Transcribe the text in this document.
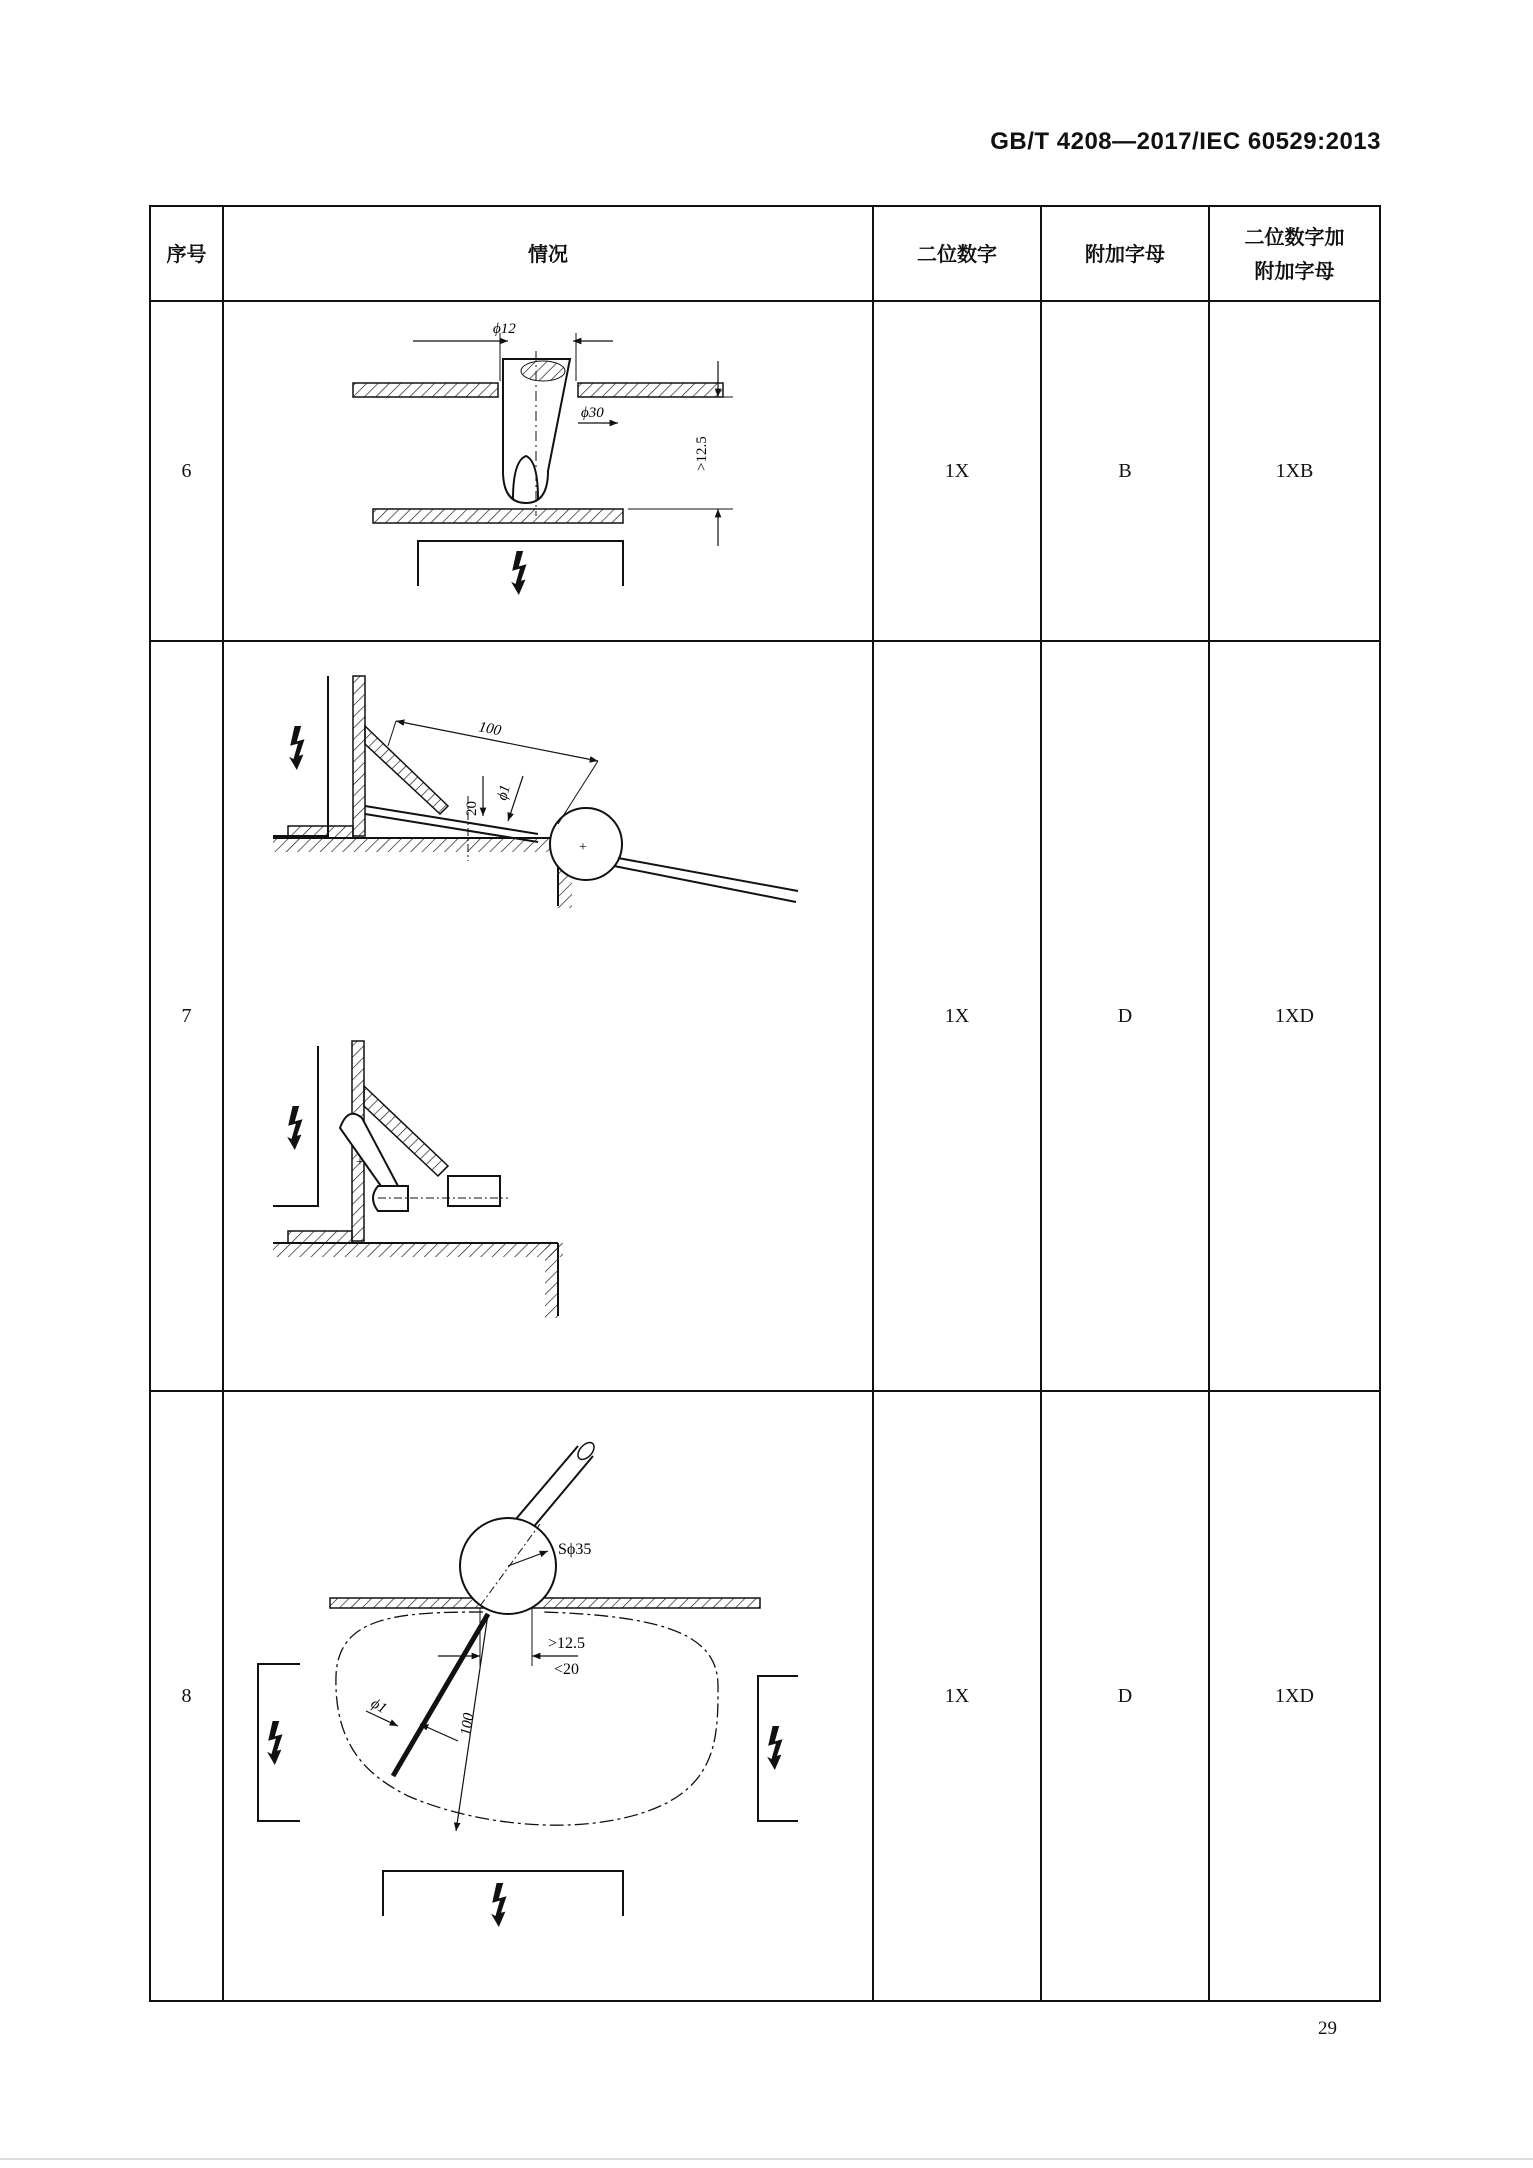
GB/T 4208—2017/IEC 60529:2013
序号	情况	二位数字	附加字母	二位数字加
附加字母

6	ϕ12
ϕ30
>12.5	1X	B	1XB
7	+
100
20
ϕ1
+	1X	D	1XD
8	Sϕ35
100
ϕ1
>12.5
<20	1X	D	1XD
29
